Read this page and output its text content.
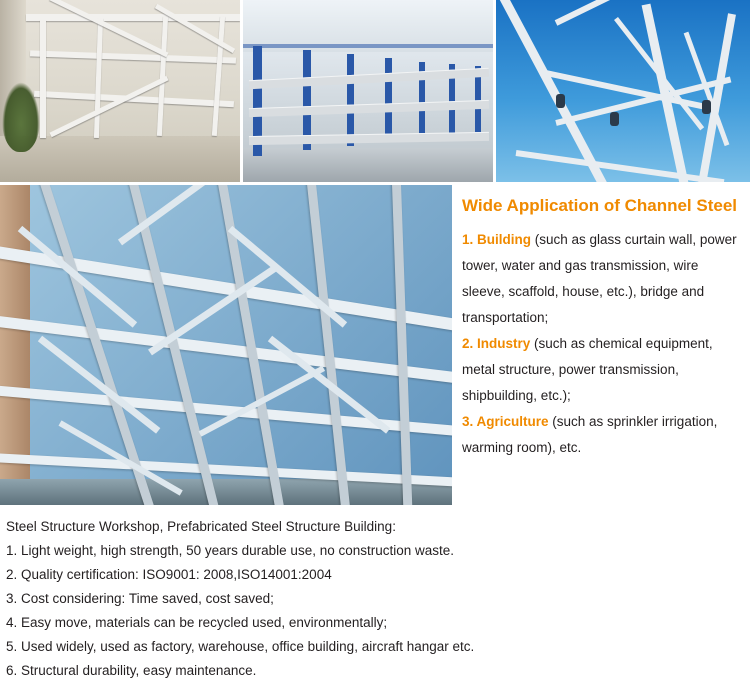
Wide Application of Channel Steel

1. Building (such as glass curtain wall, power tower, water and gas transmission, wire sleeve, scaffold, house, etc.), bridge and transportation;

2. Industry (such as chemical equipment, metal structure, power transmission, shipbuilding, etc.);

3. Agriculture (such as sprinkler irrigation, warming room), etc.

Steel Structure Workshop, Prefabricated Steel Structure Building:
1. Light weight, high strength, 50 years durable use, no construction waste.
2. Quality certification: ISO9001: 2008,ISO14001:2004
3. Cost considering: Time saved, cost saved;
4. Easy move, materials can be recycled used, environmentally;
5. Used widely, used as factory, warehouse, office building, aircraft hangar etc.
6. Structural durability, easy maintenance.
